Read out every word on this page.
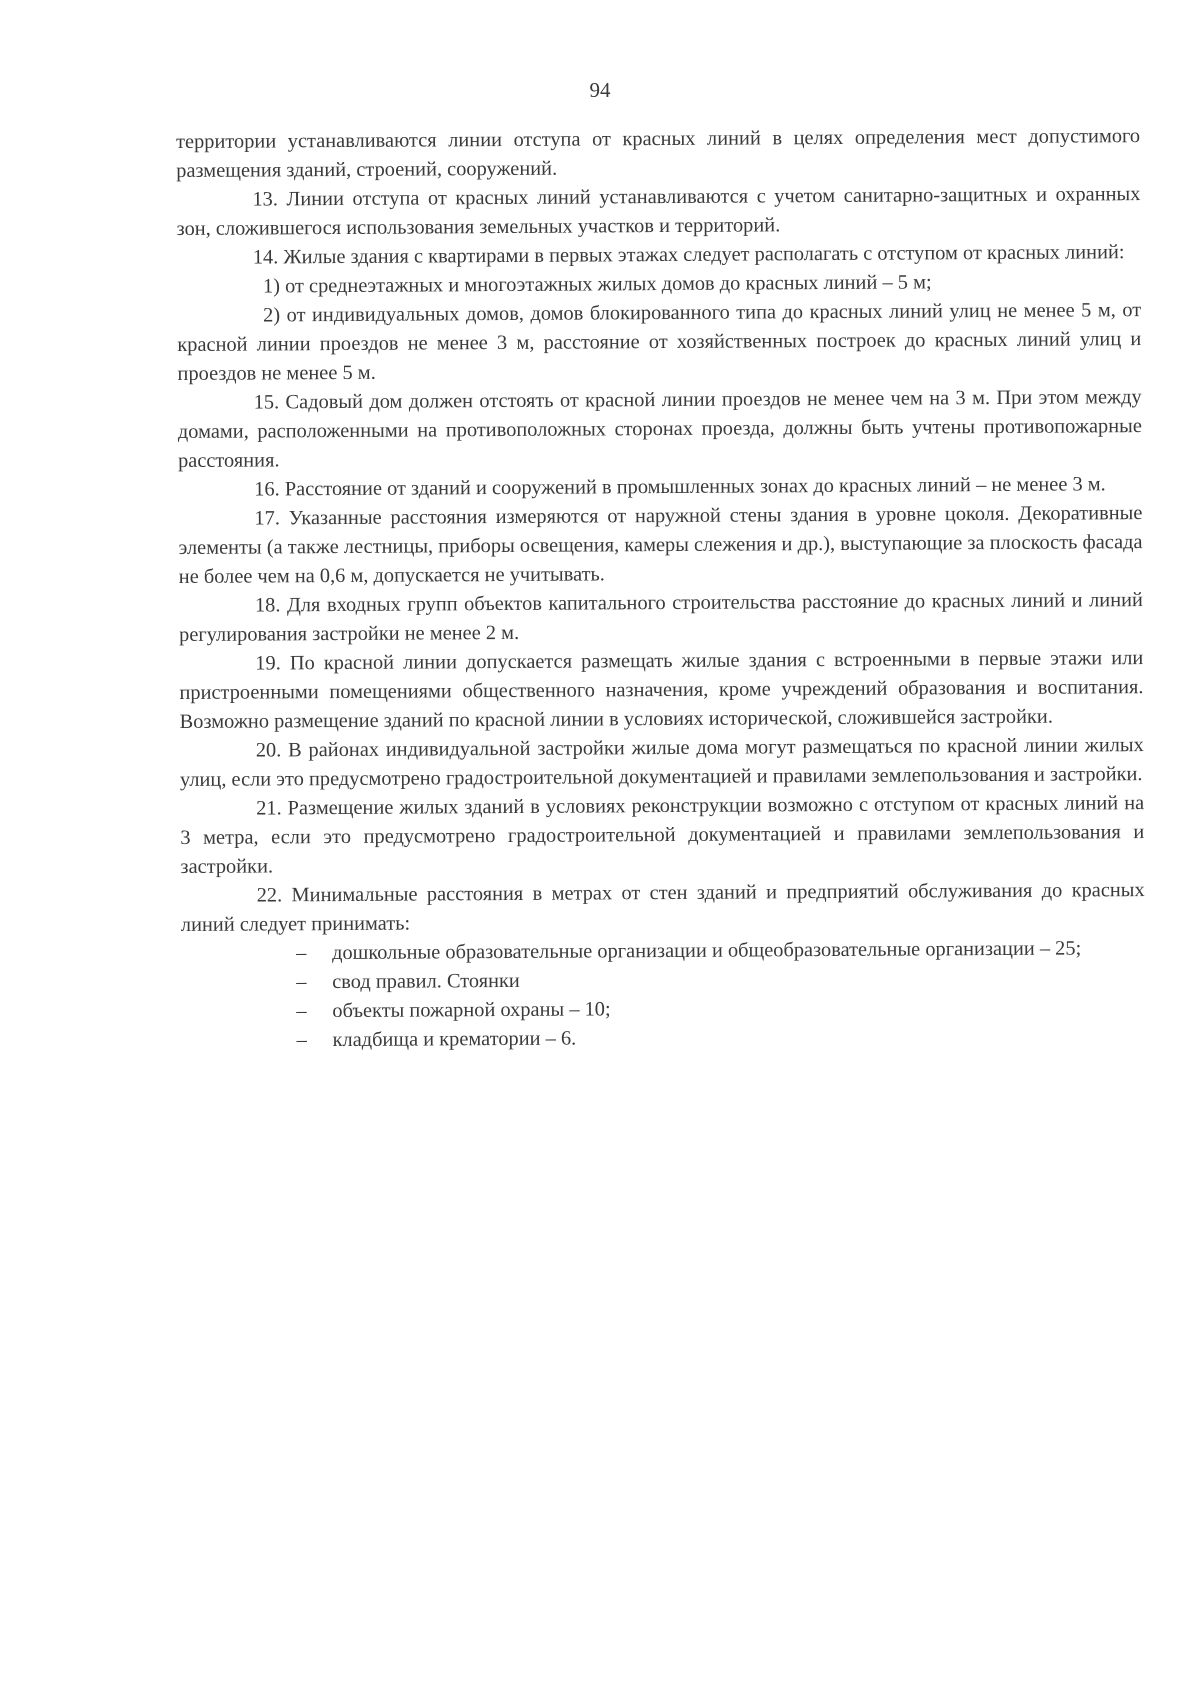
94

территории устанавливаются линии отступа от красных линий в целях определения мест допустимого размещения зданий, строений, сооружений.

13. Линии отступа от красных линий устанавливаются с учетом санитарно-защитных и охранных зон, сложившегося использования земельных участков и территорий.

14. Жилые здания с квартирами в первых этажах следует располагать с отступом от красных линий:

1) от среднеэтажных и многоэтажных жилых домов до красных линий – 5 м;

2) от индивидуальных домов, домов блокированного типа до красных линий улиц не менее 5 м, от красной линии проездов не менее 3 м, расстояние от хозяйственных построек до красных линий улиц и проездов не менее 5 м.

15. Садовый дом должен отстоять от красной линии проездов не менее чем на 3 м. При этом между домами, расположенными на противоположных сторонах проезда, должны быть учтены противопожарные расстояния.

16. Расстояние от зданий и сооружений в промышленных зонах до красных линий – не менее 3 м.

17. Указанные расстояния измеряются от наружной стены здания в уровне цоколя. Декоративные элементы (а также лестницы, приборы освещения, камеры слежения и др.), выступающие за плоскость фасада не более чем на 0,6 м, допускается не учитывать.

18. Для входных групп объектов капитального строительства расстояние до красных линий и линий регулирования застройки не менее 2 м.

19. По красной линии допускается размещать жилые здания с встроенными в первые этажи или пристроенными помещениями общественного назначения, кроме учреждений образования и воспитания. Возможно размещение зданий по красной линии в условиях исторической, сложившейся застройки.

20. В районах индивидуальной застройки жилые дома могут размещаться по красной линии жилых улиц, если это предусмотрено градостроительной документацией и правилами землепользования и застройки.

21. Размещение жилых зданий в условиях реконструкции возможно с отступом от красных линий на 3 метра, если это предусмотрено градостроительной документацией и правилами землепользования и застройки.

22. Минимальные расстояния в метрах от стен зданий и предприятий обслуживания до красных линий следует принимать:

– дошкольные образовательные организации и общеобразовательные организации – 25;
– свод правил. Стоянки
– объекты пожарной охраны – 10;
– кладбища и крематории – 6.
